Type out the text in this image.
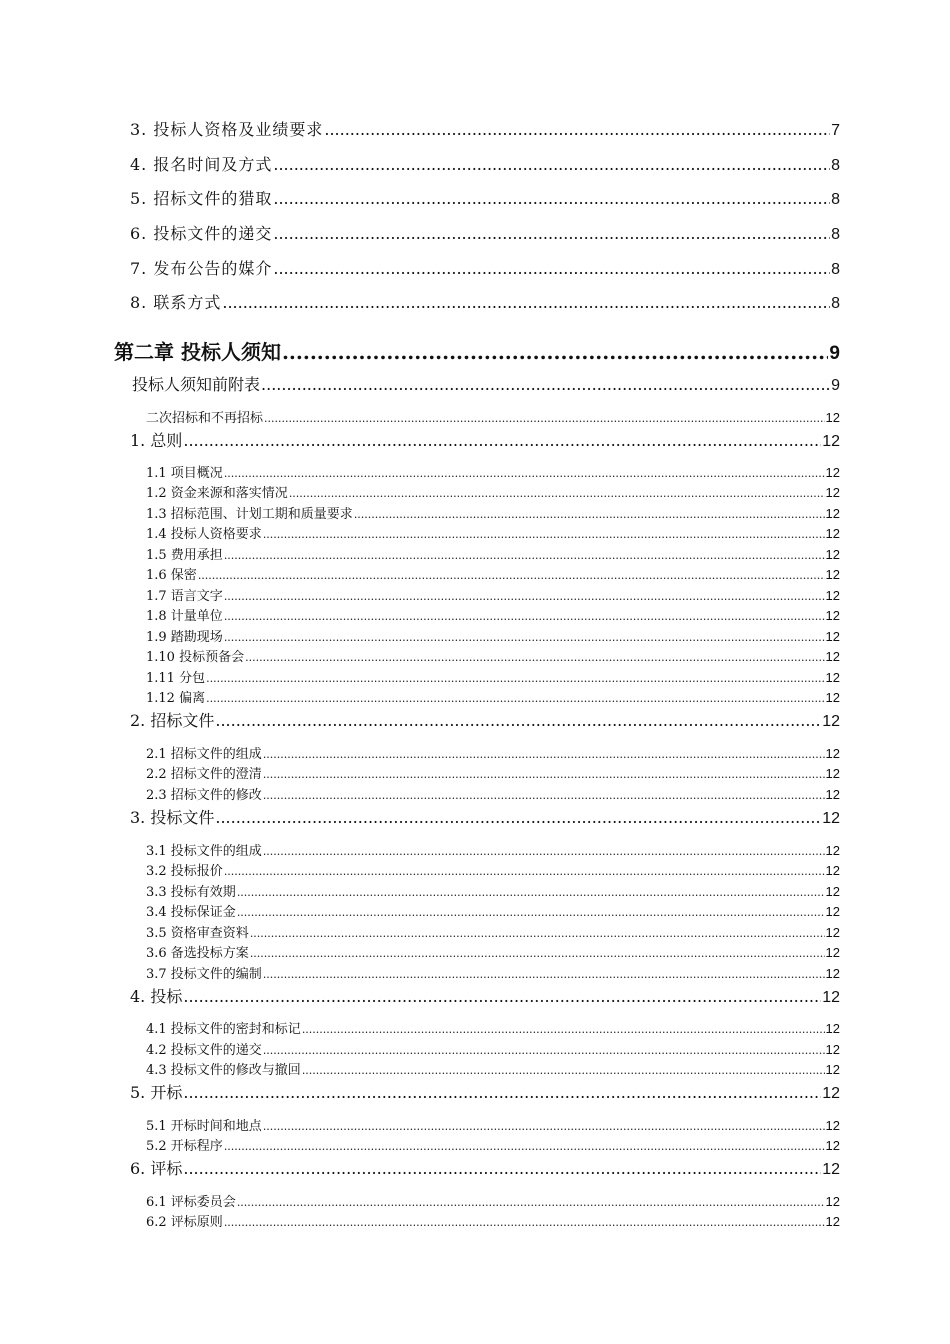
3. 投标人资格及业绩要求 .....	7
4. 报名时间及方式 .....	8
5. 招标文件的猎取 .....	8
6. 投标文件的递交 .....	8
7. 发布公告的媒介 .....	8
8. 联系方式 .....	8
第二章 投标人须知 .....	9
投标人须知前附表 .....	9
二次招标和不再招标 .....	12
1. 总则 .....	12
1.1 项目概况 .....	12
1.2 资金来源和落实情况 .....	12
1.3 招标范围、计划工期和质量要求 .....	12
1.4 投标人资格要求 .....	12
1.5 费用承担 .....	12
1.6 保密 .....	12
1.7 语言文字 .....	12
1.8 计量单位 .....	12
1.9 踏勘现场 .....	12
1.10 投标预备会 .....	12
1.11 分包 .....	12
1.12 偏离 .....	12
2. 招标文件 .....	12
2.1 招标文件的组成 .....	12
2.2 招标文件的澄清 .....	12
2.3 招标文件的修改 .....	12
3. 投标文件 .....	12
3.1 投标文件的组成 .....	12
3.2 投标报价 .....	12
3.3 投标有效期 .....	12
3.4 投标保证金 .....	12
3.5 资格审查资料 .....	12
3.6 备选投标方案 .....	12
3.7 投标文件的编制 .....	12
4. 投标 .....	12
4.1 投标文件的密封和标记 .....	12
4.2 投标文件的递交 .....	12
4.3 投标文件的修改与撤回 .....	12
5. 开标 .....	12
5.1 开标时间和地点 .....	12
5.2 开标程序 .....	12
6. 评标 .....	12
6.1 评标委员会 .....	12
6.2 评标原则 .....	12
